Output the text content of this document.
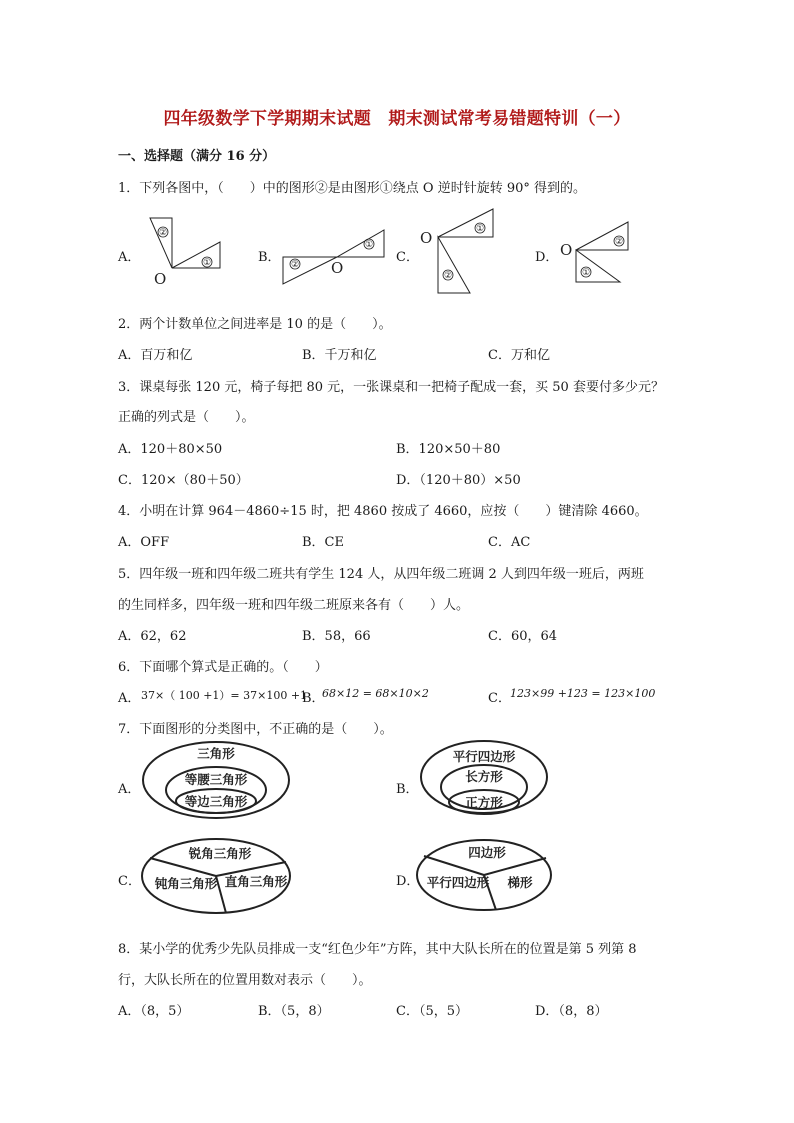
四年级数学下学期期末试题　期末测试常考易错题特训（一）
一、选择题（满分 16 分）
1．下列各图中，（　　）中的图形②是由图形①绕点 O 逆时针旋转 90° 得到的。
A．	B．	C．	D．
②
①	②
①
①
②
②
①
O
O
O
O
2．两个计数单位之间进率是 10 的是（　　）。
A．百万和亿	B．千万和亿	C．万和亿
3．课桌每张 120 元，椅子每把 80 元，一张课桌和一把椅子配成一套，买 50 套要付多少元？
正确的列式是（　　）。
A．120＋80×50	B．120×50＋80
C．120×（80＋50）	D．（120＋80）×50
4．小明在计算 964－4860÷15 时，把 4860 按成了 4660，应按（　　）键清除 4660。
A．OFF	B．CE	C．AC
5．四年级一班和四年级二班共有学生 124 人，从四年级二班调 2 人到四年级一班后，两班
的生同样多，四年级一班和四年级二班原来各有（　　）人。
A．62，62	B．58，66	C．60，64
6．下面哪个算式是正确的。（　　）
A． 37×（ 100 +1）= 37×100 +1
B．
68×12 = 68×10×2	C． 123×99 +123 = 123×100
7．下面图形的分类图中，不正确的是（　　）。
A．	B．
C．	D．
三角形
等腰三角形
等边三角形
平行四边形
长方形
正方形
锐角三角形
钝角三角形 直角三角形
四边形
平行四边形 梯形
8．某小学的优秀少先队员排成一支“红色少年”方阵，其中大队长所在的位置是第 5 列第 8
行，大队长所在的位置用数对表示（　　）。
A．（8，5）	B．（5，8）	C．（5，5）	D．（8，8）
